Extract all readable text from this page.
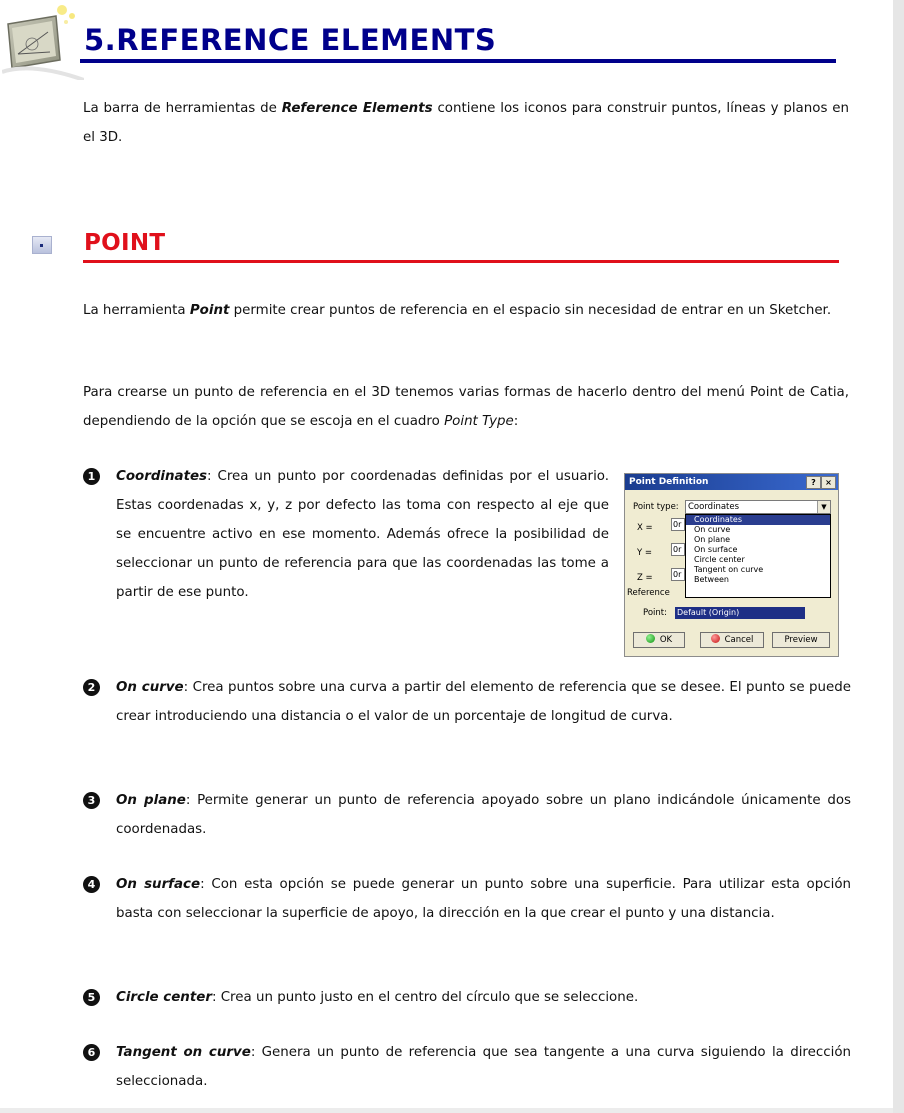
5.REFERENCE ELEMENTS

La barra de herramientas de Reference Elements contiene los iconos para construir puntos, líneas y planos en el 3D.

POINT

La herramienta Point permite crear puntos de referencia en el espacio sin necesidad de entrar en un Sketcher.

Para crearse un punto de referencia en el 3D tenemos varias formas de hacerlo dentro del menú Point de Catia, dependiendo de la opción que se escoja en el cuadro Point Type:

1	Coordinates: Crea un punto por coordenadas definidas por el usuario. Estas coordenadas x, y, z por defecto las toma con respecto al eje que se encuentre activo en ese momento. Además ofrece la posibilidad de seleccionar un punto de referencia para que las coordenadas las tome a partir de ese punto.

2	On curve: Crea puntos sobre una curva a partir del elemento de referencia que se desee. El punto se puede crear introduciendo una distancia o el valor de un porcentaje de longitud de curva.

3	On plane: Permite generar un punto de referencia apoyado sobre un plano indicándole únicamente dos coordenadas.

4	On surface: Con esta opción se puede generar un punto sobre una superficie. Para utilizar esta opción basta con seleccionar la superficie de apoyo, la dirección en la que crear el punto y una distancia.

5	Circle center: Crea un punto justo en el centro del círculo que se seleccione.

6	Tangent on curve: Genera un punto de referencia que sea tangente a una curva siguiendo la dirección seleccionada.

Point Definition	?	×
Point type:	Coordinates	▼
X =	0r
Y =	0r
Z =	0r
Coordinates
On curve
On plane
On surface
Circle center
Tangent on curve
Between
Reference
Point: Default (Origin)
OK	Cancel	Preview
